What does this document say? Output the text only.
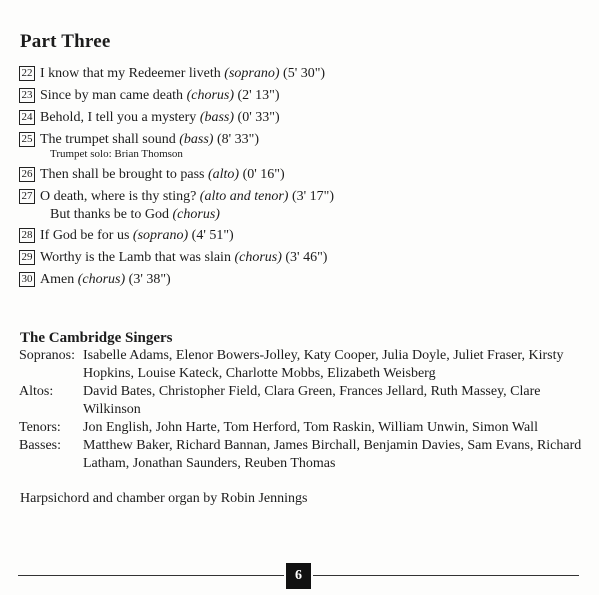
Part Three
22 I know that my Redeemer liveth (soprano) (5' 30")
23 Since by man came death (chorus) (2' 13")
24 Behold, I tell you a mystery (bass) (0' 33")
25 The trumpet shall sound (bass) (8' 33")
Trumpet solo: Brian Thomson
26 Then shall be brought to pass (alto) (0' 16")
27 O death, where is thy sting? (alto and tenor) (3' 17")
But thanks be to God (chorus)
28 If God be for us (soprano) (4' 51")
29 Worthy is the Lamb that was slain (chorus) (3' 46")
30 Amen (chorus) (3' 38")
The Cambridge Singers
Sopranos: Isabelle Adams, Elenor Bowers-Jolley, Katy Cooper, Julia Doyle, Juliet Fraser, Kirsty Hopkins, Louise Kateck, Charlotte Mobbs, Elizabeth Weisberg
Altos:	David Bates, Christopher Field, Clara Green, Frances Jellard, Ruth Massey, Clare Wilkinson
Tenors:	Jon English, John Harte, Tom Herford, Tom Raskin, William Unwin, Simon Wall
Basses:	Matthew Baker, Richard Bannan, James Birchall, Benjamin Davies, Sam Evans, Richard Latham, Jonathan Saunders, Reuben Thomas
Harpsichord and chamber organ by Robin Jennings
6
